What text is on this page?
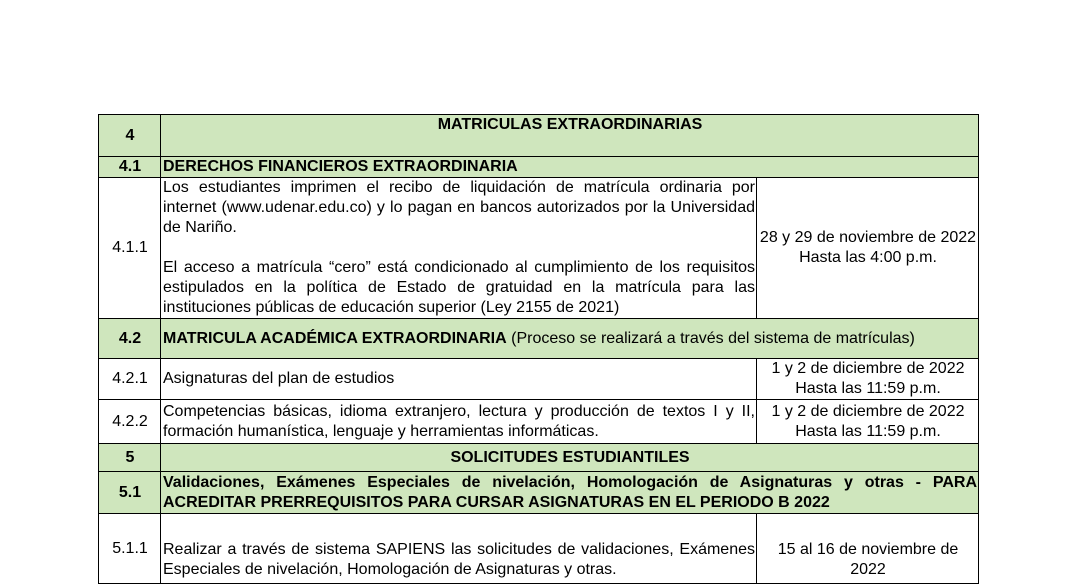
4	MATRICULAS EXTRAORDINARIAS	
4.1	DERECHOS FINANCIEROS EXTRAORDINARIA	
4.1.1	Los estudiantes imprimen el recibo de liquidación de matrícula ordinaria por internet (www.udenar.edu.co) y lo pagan en bancos autorizados por la Universidad de Nariño.
El acceso a matrícula “cero” está condicionado al cumplimiento de los requisitos estipulados en la política de Estado de gratuidad en la matrícula para las instituciones públicas de educación superior (Ley 2155 de 2021)	28 y 29 de noviembre de 2022
Hasta las 4:00 p.m.

4.2	MATRICULA ACADÉMICA EXTRAORDINARIA (Proceso se realizará a través del sistema de matrículas)	
4.2.1	Asignaturas del plan de estudios	1 y 2 de diciembre de 2022
Hasta las 11:59 p.m.

4.2.2	Competencias básicas, idioma extranjero, lectura y producción de textos I y II, formación humanística, lenguaje y herramientas informáticas.	1 y 2 de diciembre de 2022
Hasta las 11:59 p.m.

5	SOLICITUDES ESTUDIANTILES	
5.1	Validaciones, Exámenes Especiales de nivelación, Homologación de Asignaturas y otras - PARA ACREDITAR PRERREQUISITOS PARA CURSAR ASIGNATURAS EN EL PERIODO B 2022	
5.1.1	Realizar a través de sistema SAPIENS las solicitudes de validaciones, Exámenes Especiales de nivelación, Homologación de Asignaturas y otras.	15 al 16 de noviembre de 2022
